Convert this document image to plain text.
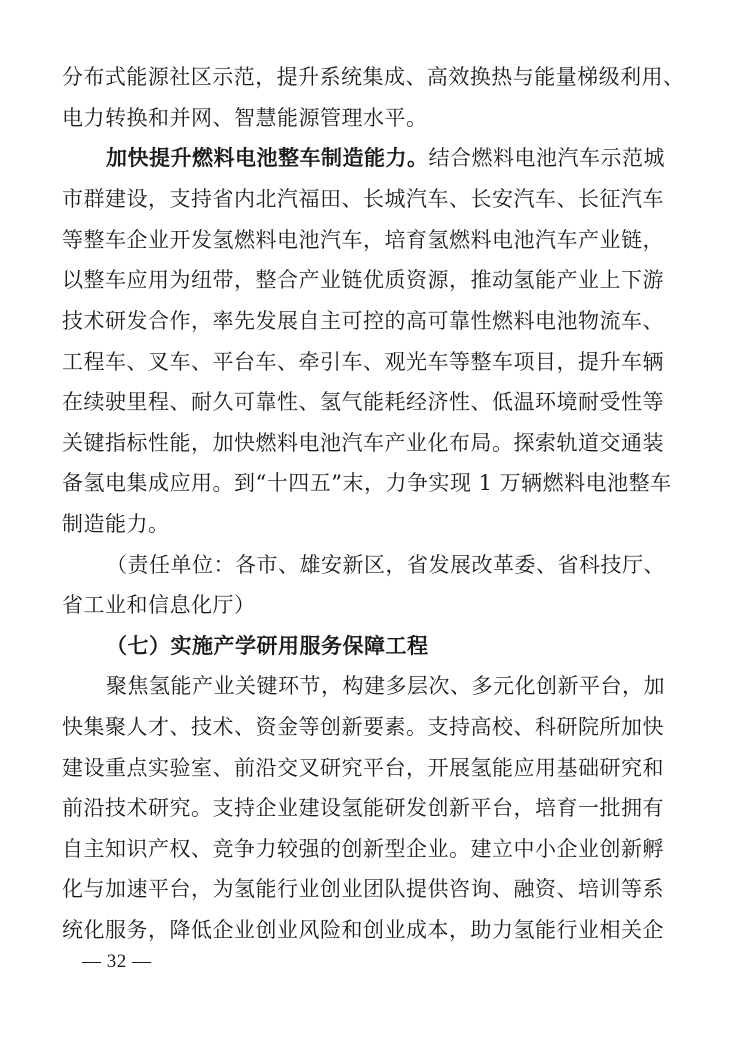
分布式能源社区示范，提升系统集成、高效换热与能量梯级利用、
电力转换和并网、智慧能源管理水平。
加快提升燃料电池整车制造能力。结合燃料电池汽车示范城
市群建设，支持省内北汽福田、长城汽车、长安汽车、长征汽车
等整车企业开发氢燃料电池汽车，培育氢燃料电池汽车产业链，
以整车应用为纽带，整合产业链优质资源，推动氢能产业上下游
技术研发合作，率先发展自主可控的高可靠性燃料电池物流车、
工程车、叉车、平台车、牵引车、观光车等整车项目，提升车辆
在续驶里程、耐久可靠性、氢气能耗经济性、低温环境耐受性等
关键指标性能，加快燃料电池汽车产业化布局。探索轨道交通装
备氢电集成应用。到“十四五”末，力争实现 1 万辆燃料电池整车
制造能力。
（责任单位：各市、雄安新区，省发展改革委、省科技厅、
省工业和信息化厅）
（七）实施产学研用服务保障工程
聚焦氢能产业关键环节，构建多层次、多元化创新平台，加
快集聚人才、技术、资金等创新要素。支持高校、科研院所加快
建设重点实验室、前沿交叉研究平台，开展氢能应用基础研究和
前沿技术研究。支持企业建设氢能研发创新平台，培育一批拥有
自主知识产权、竞争力较强的创新型企业。建立中小企业创新孵
化与加速平台，为氢能行业创业团队提供咨询、融资、培训等系
统化服务，降低企业创业风险和创业成本，助力氢能行业相关企
— 32 —
